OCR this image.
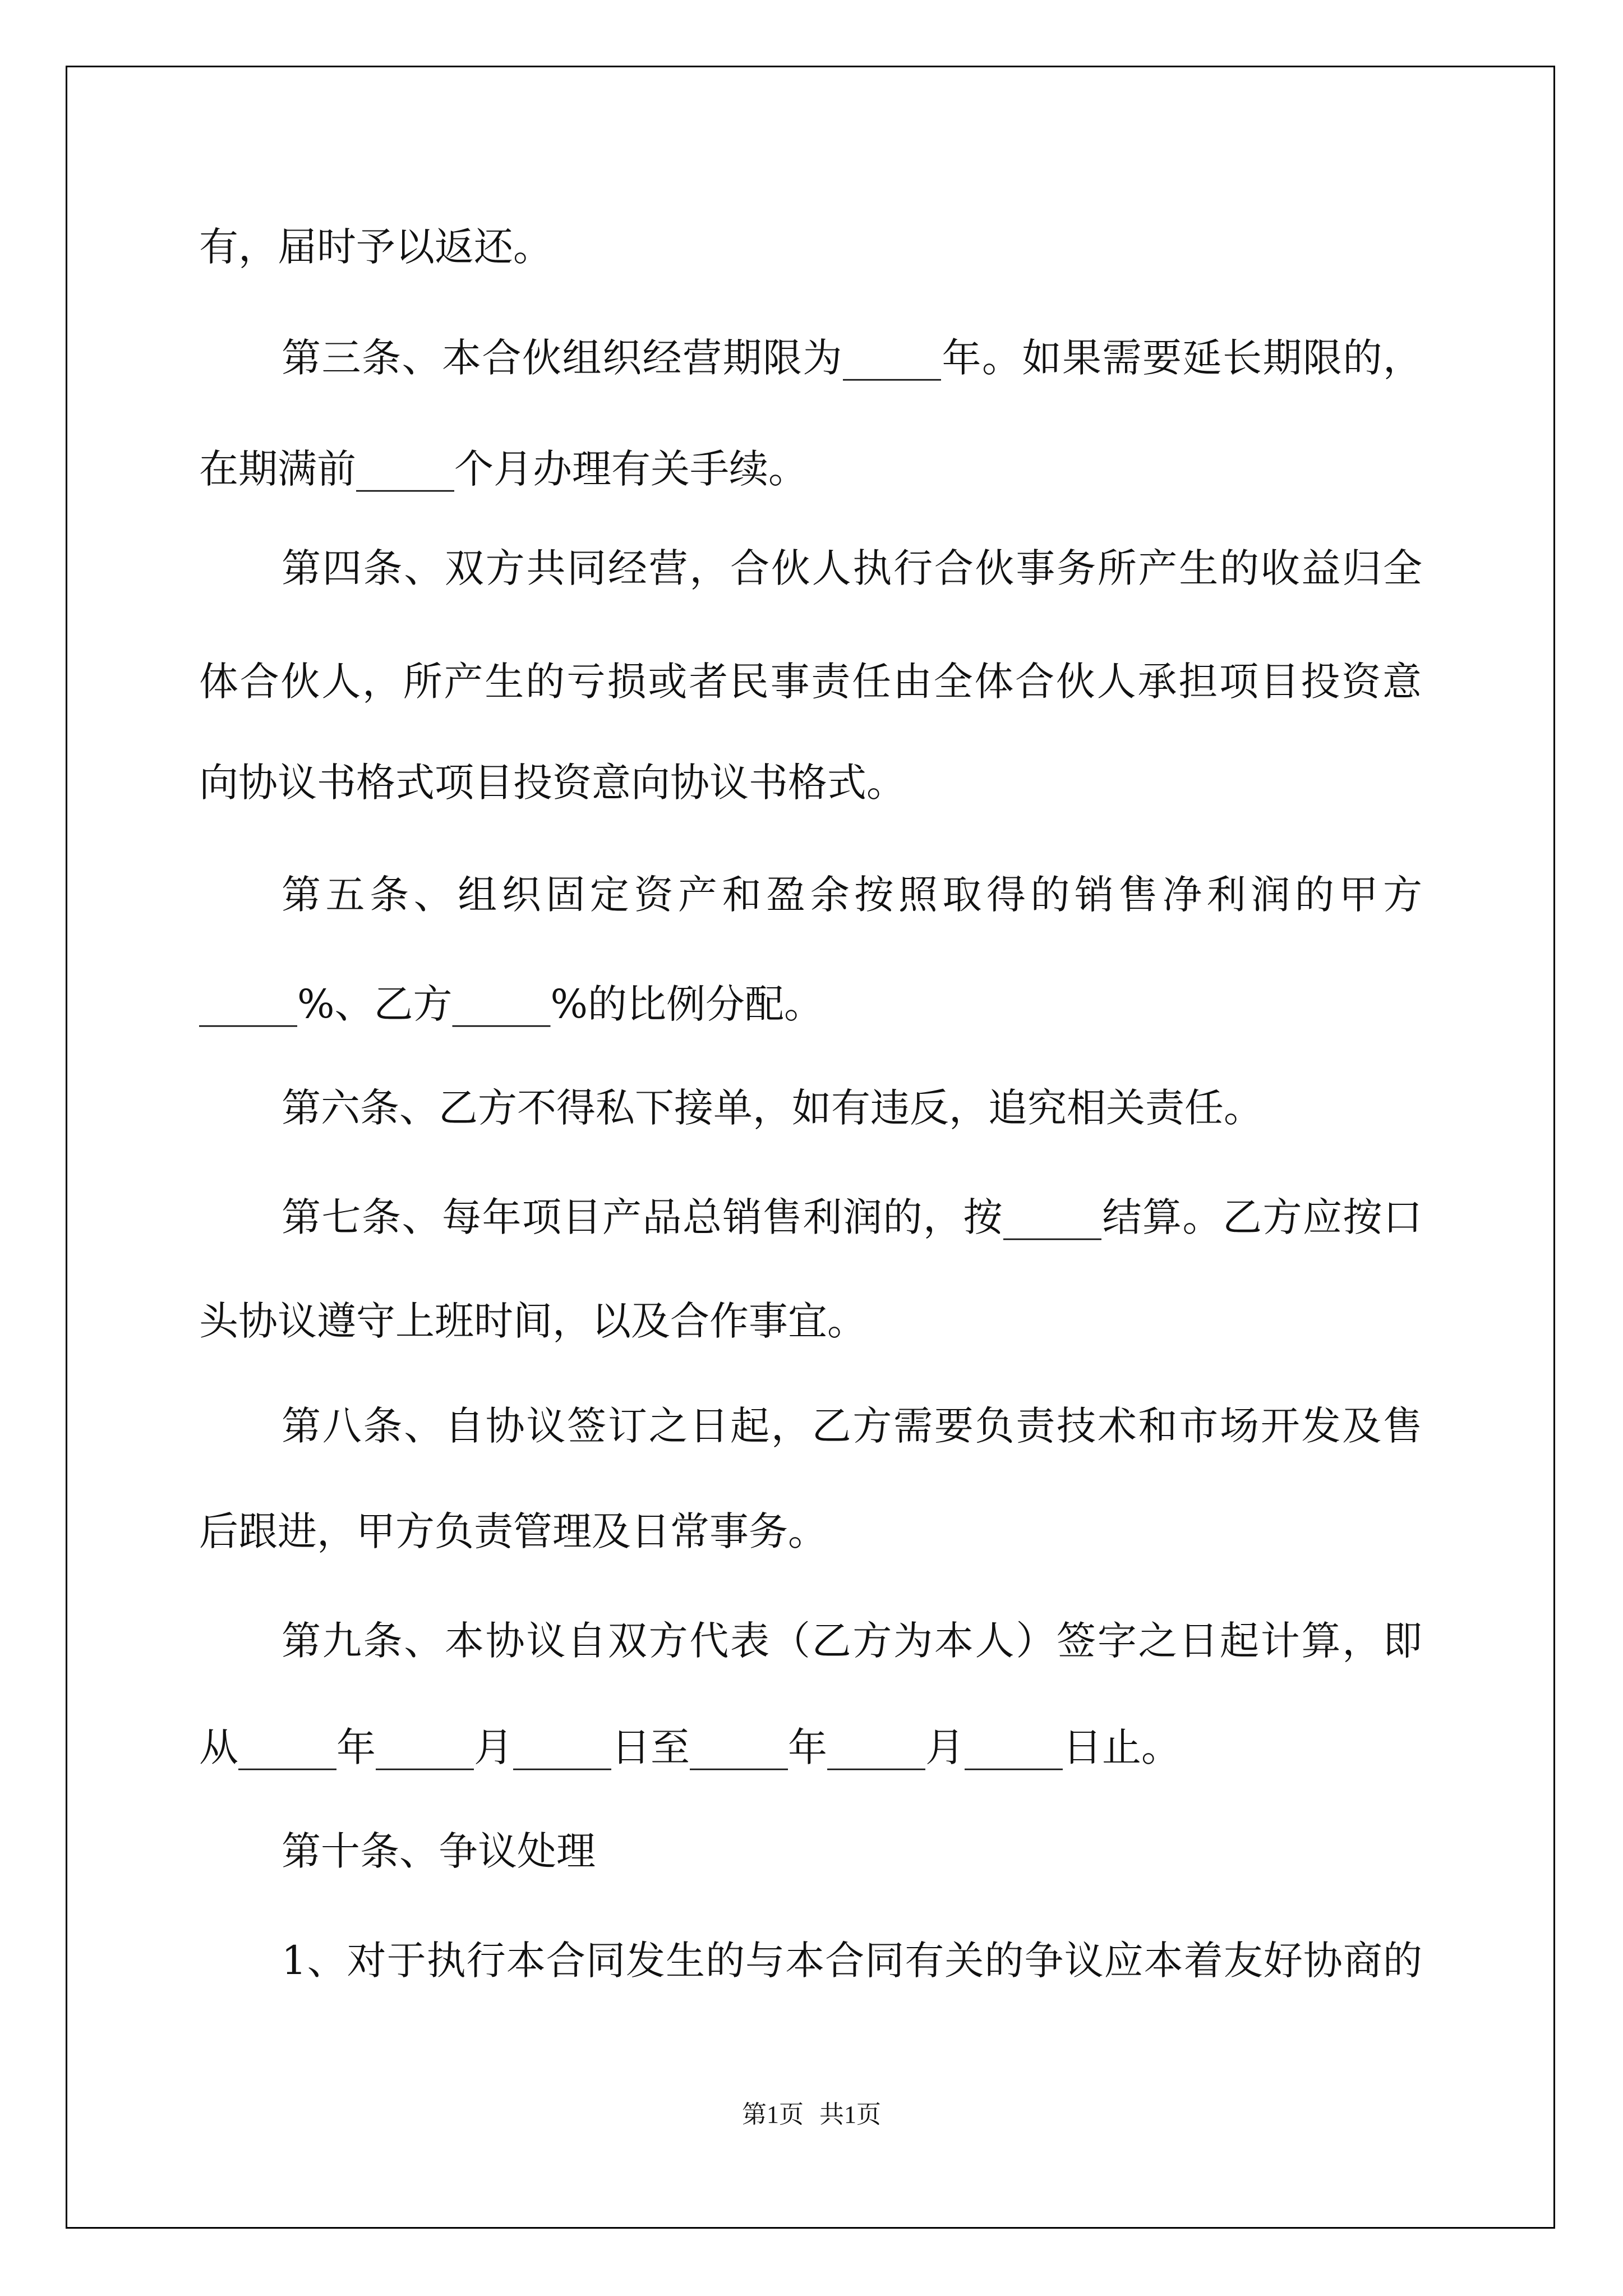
有，届时予以返还。
第三条、本合伙组织经营期限为_____年。如果需要延长期限的，
在期满前_____个月办理有关手续。
第四条、双方共同经营，合伙人执行合伙事务所产生的收益归全
体合伙人，所产生的亏损或者民事责任由全体合伙人承担项目投资意
向协议书格式项目投资意向协议书格式。
第五条、组织固定资产和盈余按照取得的销售净利润的甲方
_____%、乙方_____%的比例分配。
第六条、乙方不得私下接单，如有违反，追究相关责任。
第七条、每年项目产品总销售利润的，按_____结算。乙方应按口
头协议遵守上班时间，以及合作事宜。
第八条、自协议签订之日起，乙方需要负责技术和市场开发及售
后跟进，甲方负责管理及日常事务。
第九条、本协议自双方代表（乙方为本人）签字之日起计算，即
从_____年_____月_____日至_____年_____月_____日止。
第十条、争议处理
1、对于执行本合同发生的与本合同有关的争议应本着友好协商的
第1页 共1页
